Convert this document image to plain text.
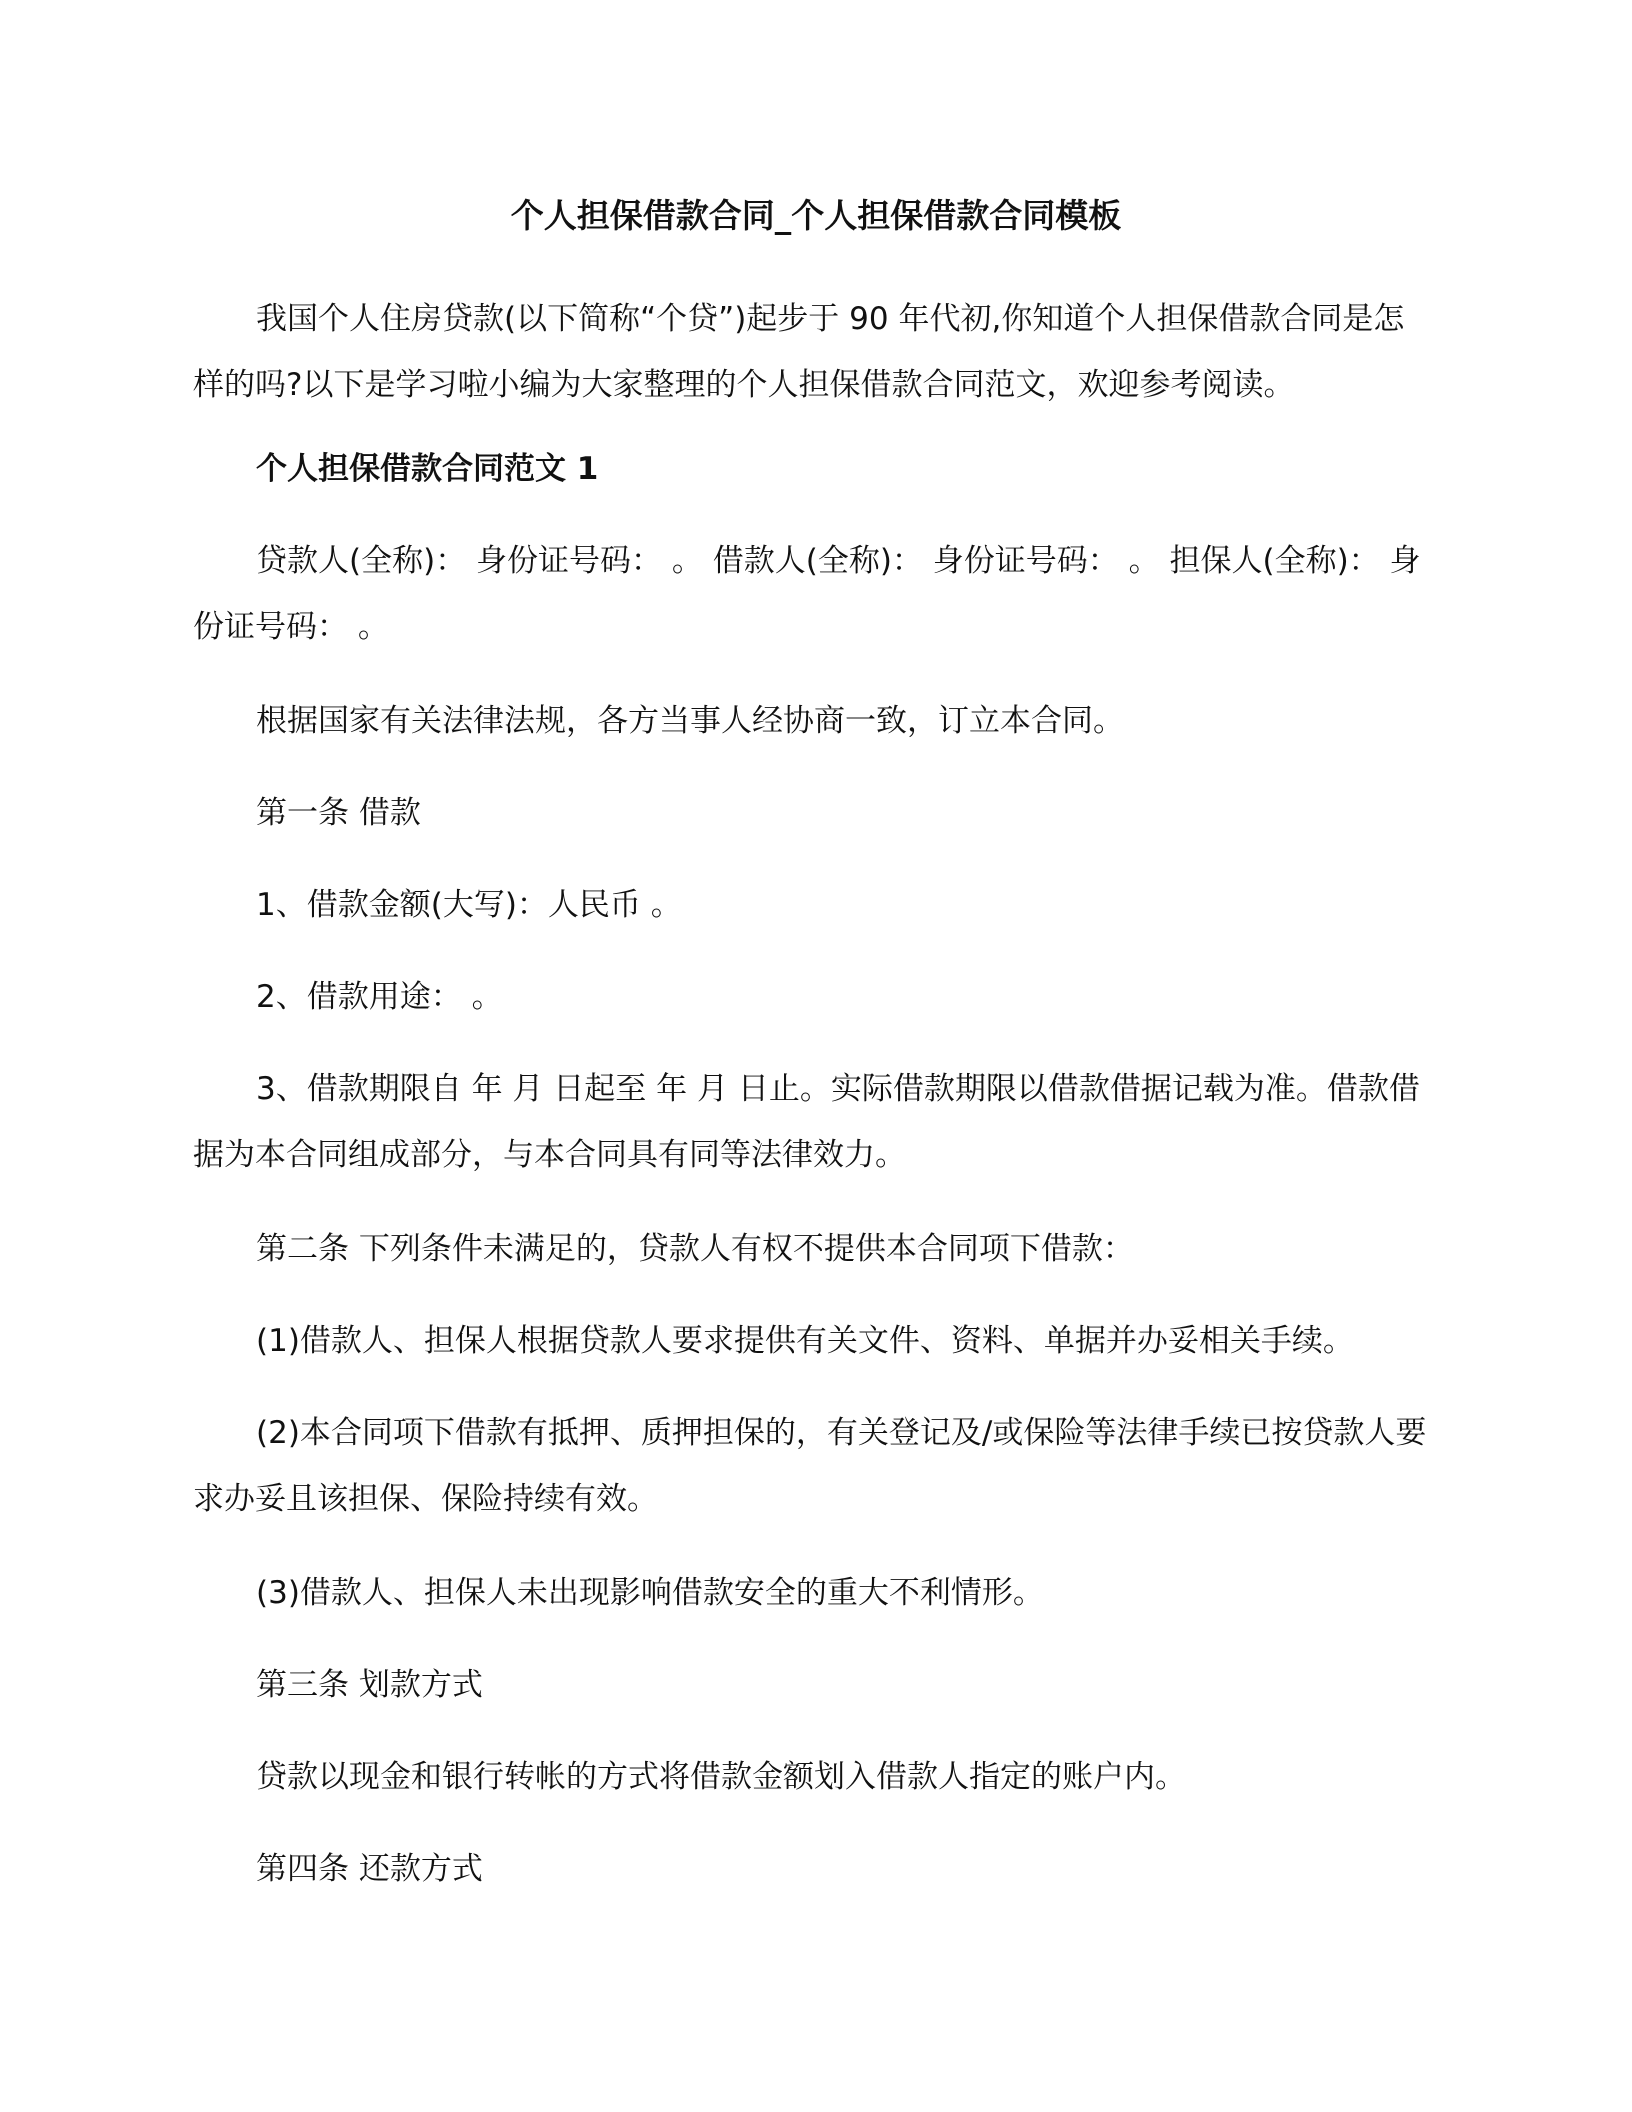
个人担保借款合同_个人担保借款合同模板

我国个人住房贷款(以下简称“个贷”)起步于 90 年代初,你知道个人担保借款合同是怎样的吗?以下是学习啦小编为大家整理的个人担保借款合同范文，欢迎参考阅读。

个人担保借款合同范文 1

贷款人(全称)： 身份证号码： 。 借款人(全称)： 身份证号码： 。 担保人(全称)： 身份证号码： 。

根据国家有关法律法规，各方当事人经协商一致，订立本合同。

第一条 借款

1、借款金额(大写)：人民币 。

2、借款用途： 。

3、借款期限自 年 月 日起至 年 月 日止。实际借款期限以借款借据记载为准。借款借据为本合同组成部分，与本合同具有同等法律效力。

第二条 下列条件未满足的，贷款人有权不提供本合同项下借款：

(1)借款人、担保人根据贷款人要求提供有关文件、资料、单据并办妥相关手续。

(2)本合同项下借款有抵押、质押担保的，有关登记及/或保险等法律手续已按贷款人要求办妥且该担保、保险持续有效。

(3)借款人、担保人未出现影响借款安全的重大不利情形。

第三条 划款方式

贷款以现金和银行转帐的方式将借款金额划入借款人指定的账户内。

第四条 还款方式
